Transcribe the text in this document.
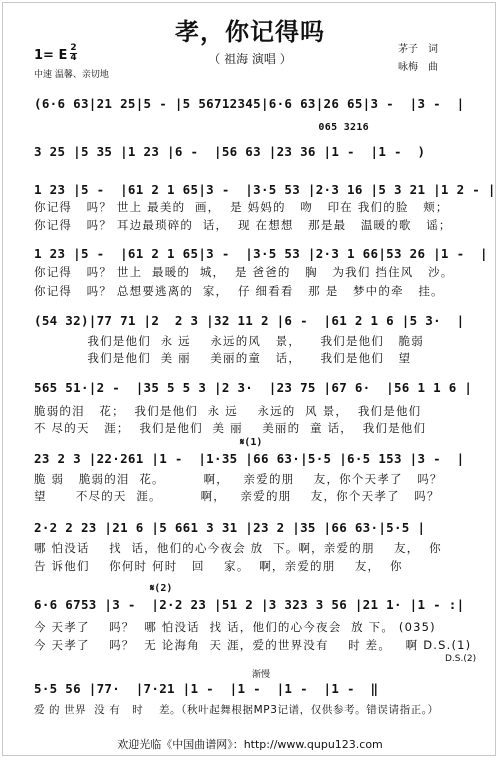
孝，你记得吗
（ 祖海 演唱 ）
1= E 2
4
中速 温馨、亲切地
茅子　词
咏梅　曲
(6·6 63|21 25|5 - |5 56712345|6·6 63|26 65|3 -  |3 -  |
065 3216
3 25 |5 35 |1 23 |6 -  |56 63 |23 36 |1 -  |1 -  )
1 23 |5 -  |61 2 1 65|3 -  |3·5 53 |2·3 16 |5 3 21 |1 2 - |
你记得   吗？ 世上 最美的  画，  是 妈妈的   吻   印在 我们的脸   颊；
你记得   吗？ 耳边最琐碎的  话，  现 在想想   那是最   温暖的歌   谣；
1 23 |5 -  |61 2 1 65|3 -  |3·5 53 |2·3 1 66|53 26 |1 -  |
你记得   吗？ 世上  最暖的  城，  是 爸爸的   胸   为我们 挡住风   沙。
你记得   吗？ 总想要逃离的  家，  仔 细看看   那 是   梦中的牵   挂。
(54 32)|77 71 |2  2 3 |32 11 2 |6 -  |61 2 1 6 |5 3·  |
我们是他们  永 远    永远的风   景，    我们是他们   脆弱
我们是他们  美 丽    美丽的童   话，    我们是他们   望
565 51·|2 -  |35 5 5 3 |2 3·  |23 75 |67 6·  |56 1 1 6 |
脆弱的泪   花；  我们是他们  永 远    永远的  风 景，  我们是他们
不 尽的天   涯；  我们是他们  美 丽    美丽的  童 话，  我们是他们
𝄋(1)
23 2 3 |22·261 |1 -  |1·35 |66 63·|5·5 |6·5 153 |3 -  |
脆 弱   脆弱的泪  花。        啊，   亲爱的朋    友，你个天孝了   吗？
望      不尽的天  涯。        啊，   亲爱的朋    友，你个天孝了   吗？
2·2 2 23 |21 6 |5 661 3 31 |23 2 |35 |66 63·|5·5 |
哪 怕没话    找  话，他们的心今夜会 放  下。啊，亲爱的朋    友，  你
告 诉他们    你何时 何时   回    家。  啊，亲爱的朋    友，  你
𝄋(2)
6·6 6753 |3 -  |2·2 23 |51 2 |3 323 3 56 |21 1· |1 - :|
今 天孝了    吗？  哪 怕没话  找 话，他们的心今夜会  放 下。 (035)
今 天孝了    吗？  无 论海角  天 涯，爱的世界没有    时 差。   啊 D.S.(1)
D.S.(2)
渐慢
5·5 56 |77·  |7·21 |1 -  |1 -  |1 -  |1 -  ‖
爱 的 世界  没 有   时    差。（秋叶起舞根据MP3记谱，仅供参考。错误请指正。）
欢迎光临《中国曲谱网》：http://www.qupu123.com
